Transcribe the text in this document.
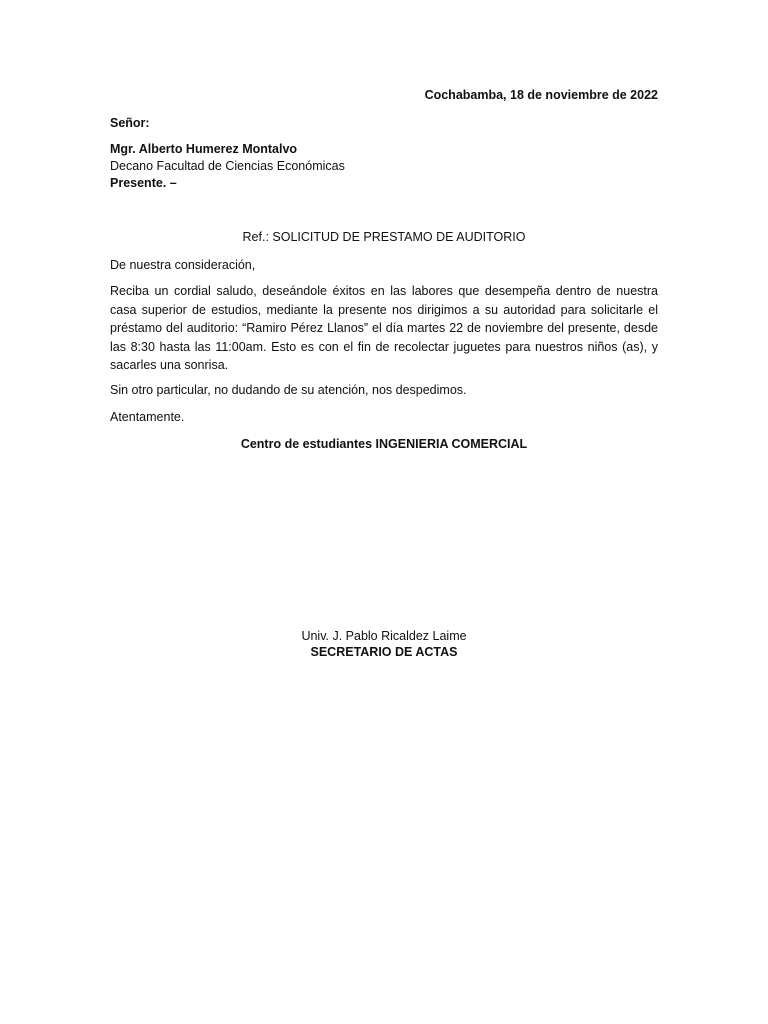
Cochabamba, 18 de noviembre de 2022
Señor:
Mgr. Alberto Humerez Montalvo
Decano Facultad de Ciencias Económicas
Presente. –
Ref.: SOLICITUD DE PRESTAMO DE AUDITORIO
De nuestra consideración,
Reciba un cordial saludo, deseándole éxitos en las labores que desempeña dentro de nuestra casa superior de estudios, mediante la presente nos dirigimos a su autoridad para solicitarle el préstamo del auditorio: “Ramiro Pérez Llanos” el día martes 22 de noviembre del presente, desde las 8:30 hasta las 11:00am. Esto es con el fin de recolectar juguetes para nuestros niños (as), y sacarles una sonrisa.
Sin otro particular, no dudando de su atención, nos despedimos.
Atentamente.
Centro de estudiantes INGENIERIA COMERCIAL
Univ. J. Pablo Ricaldez Laime
SECRETARIO DE ACTAS
